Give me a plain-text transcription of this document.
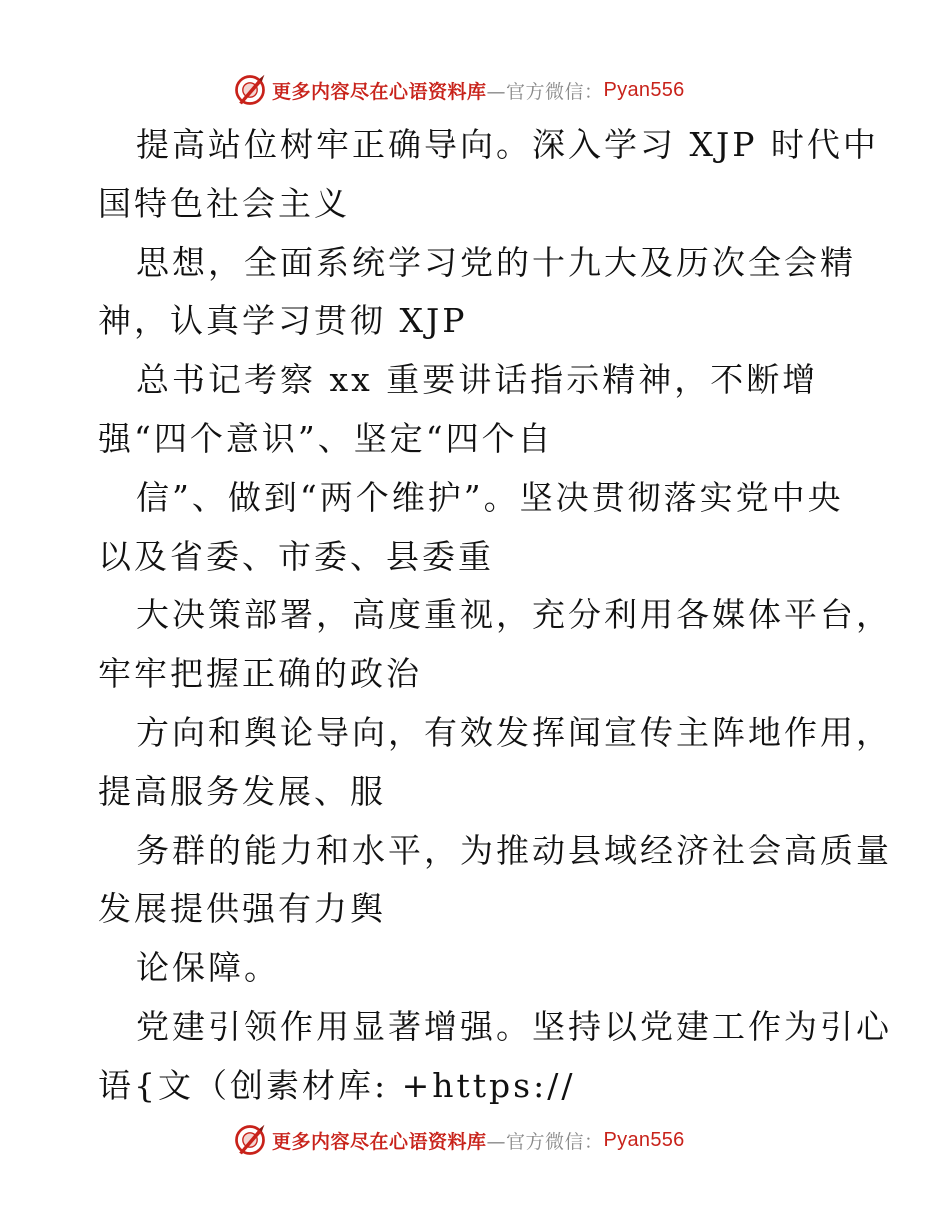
更多内容尽在心语资料库 —官方微信： Pyan556
提高站位树牢正确导向。深入学习 XJP 时代中
国特色社会主义
思想，全面系统学习党的十九大及历次全会精
神，认真学习贯彻 XJP
总书记考察 xx 重要讲话指示精神，不断增
强“四个意识”、坚定“四个自
信”、做到“两个维护”。坚决贯彻落实党中央
以及省委、市委、县委重
大决策部署，高度重视，充分利用各媒体平台，
牢牢把握正确的政治
方向和舆论导向，有效发挥闻宣传主阵地作用，
提高服务发展、服
务群的能力和水平，为推动县域经济社会高质量
发展提供强有力舆
论保障。
党建引领作用显著增强。坚持以党建工作为引心
语{文（创素材库: +https://
更多内容尽在心语资料库 —官方微信： Pyan556
